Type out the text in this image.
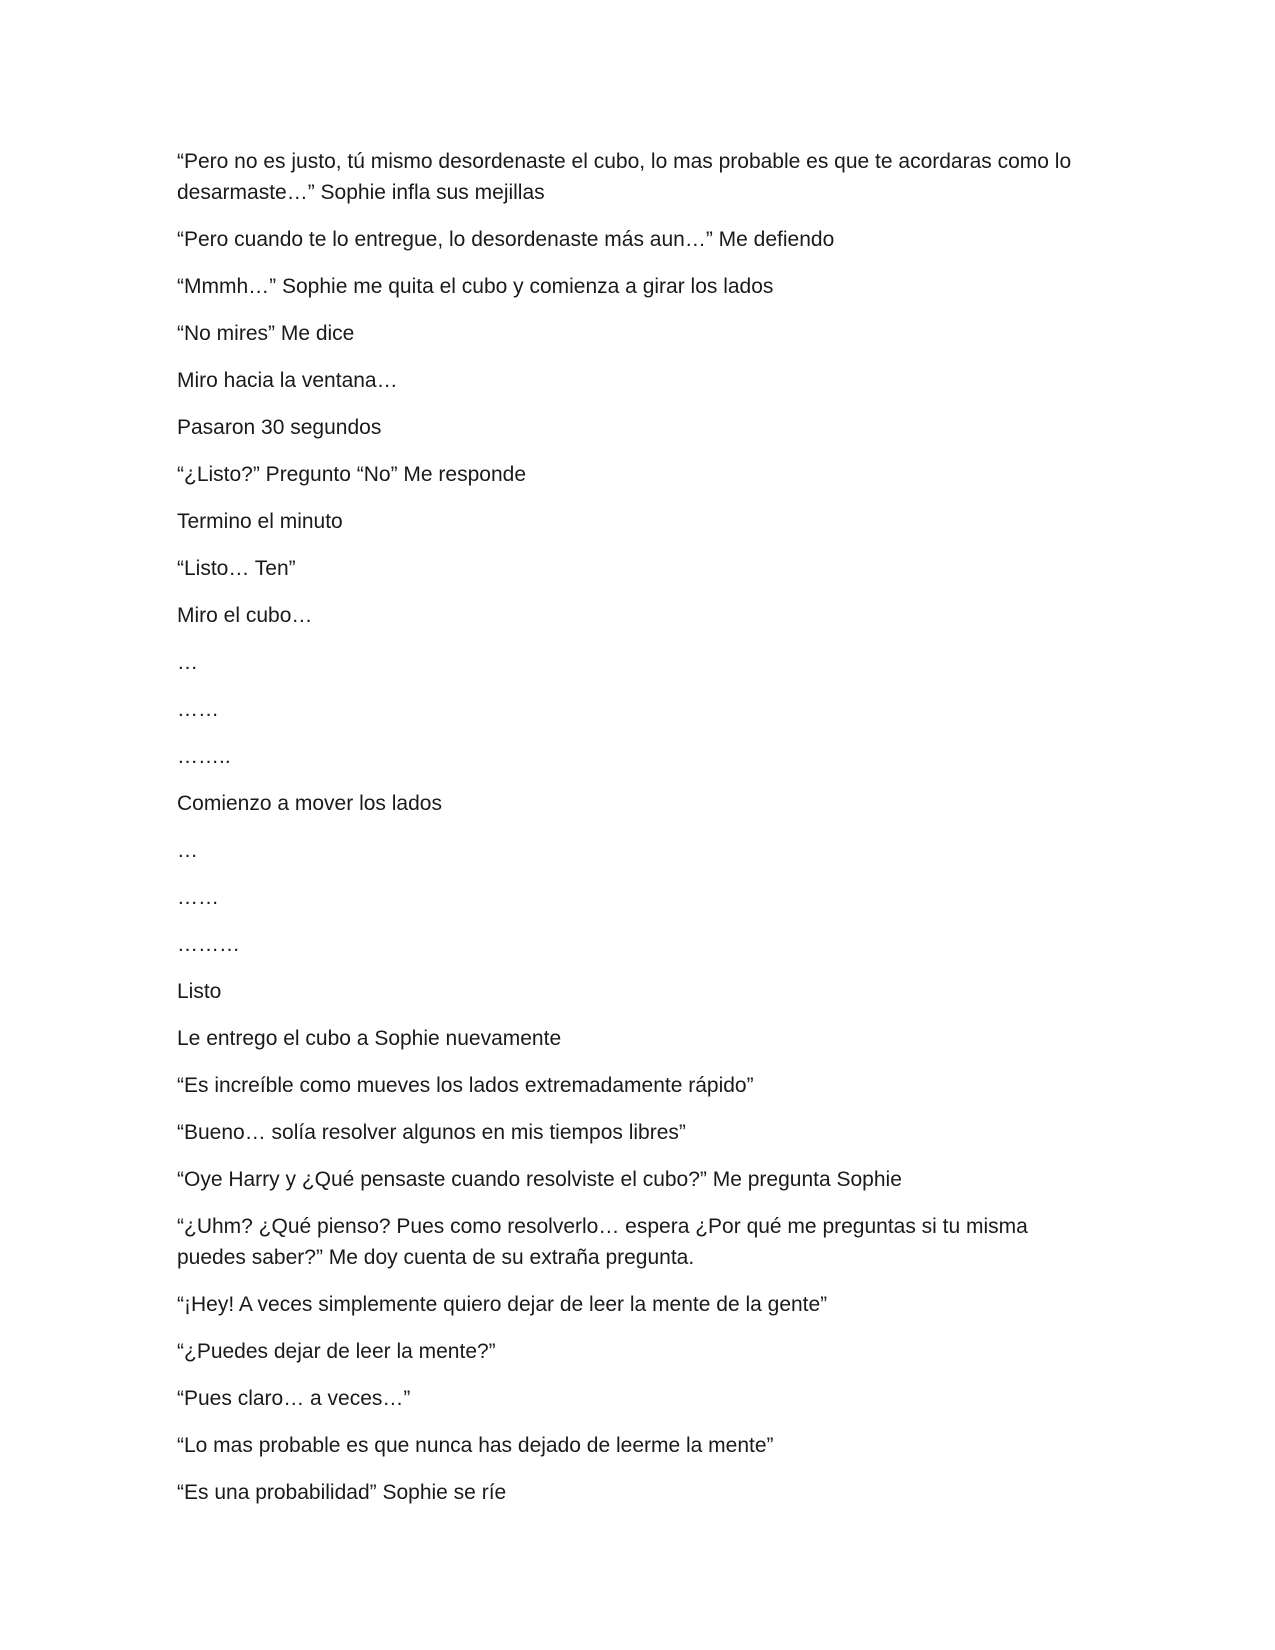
“Pero no es justo, tú mismo desordenaste el cubo, lo mas probable es que te acordaras como lo desarmaste…” Sophie infla sus mejillas

“Pero cuando te lo entregue, lo desordenaste más aun…” Me defiendo

“Mmmh…” Sophie me quita el cubo y comienza a girar los lados

“No mires” Me dice

Miro hacia la ventana…

Pasaron 30 segundos

“¿Listo?” Pregunto “No” Me responde

Termino el minuto

“Listo… Ten”

Miro el cubo…

…

……

……..

Comienzo a mover los lados

…

……

………

Listo

Le entrego el cubo a Sophie nuevamente

“Es increíble como mueves los lados extremadamente rápido”

“Bueno… solía resolver algunos en mis tiempos libres”

“Oye Harry y ¿Qué pensaste cuando resolviste el cubo?” Me pregunta Sophie

“¿Uhm? ¿Qué pienso? Pues como resolverlo… espera ¿Por qué me preguntas si tu misma puedes saber?” Me doy cuenta de su extraña pregunta.

“¡Hey! A veces simplemente quiero dejar de leer la mente de la gente”

“¿Puedes dejar de leer la mente?”

“Pues claro… a veces…”

“Lo mas probable es que nunca has dejado de leerme la mente”

“Es una probabilidad” Sophie se ríe
